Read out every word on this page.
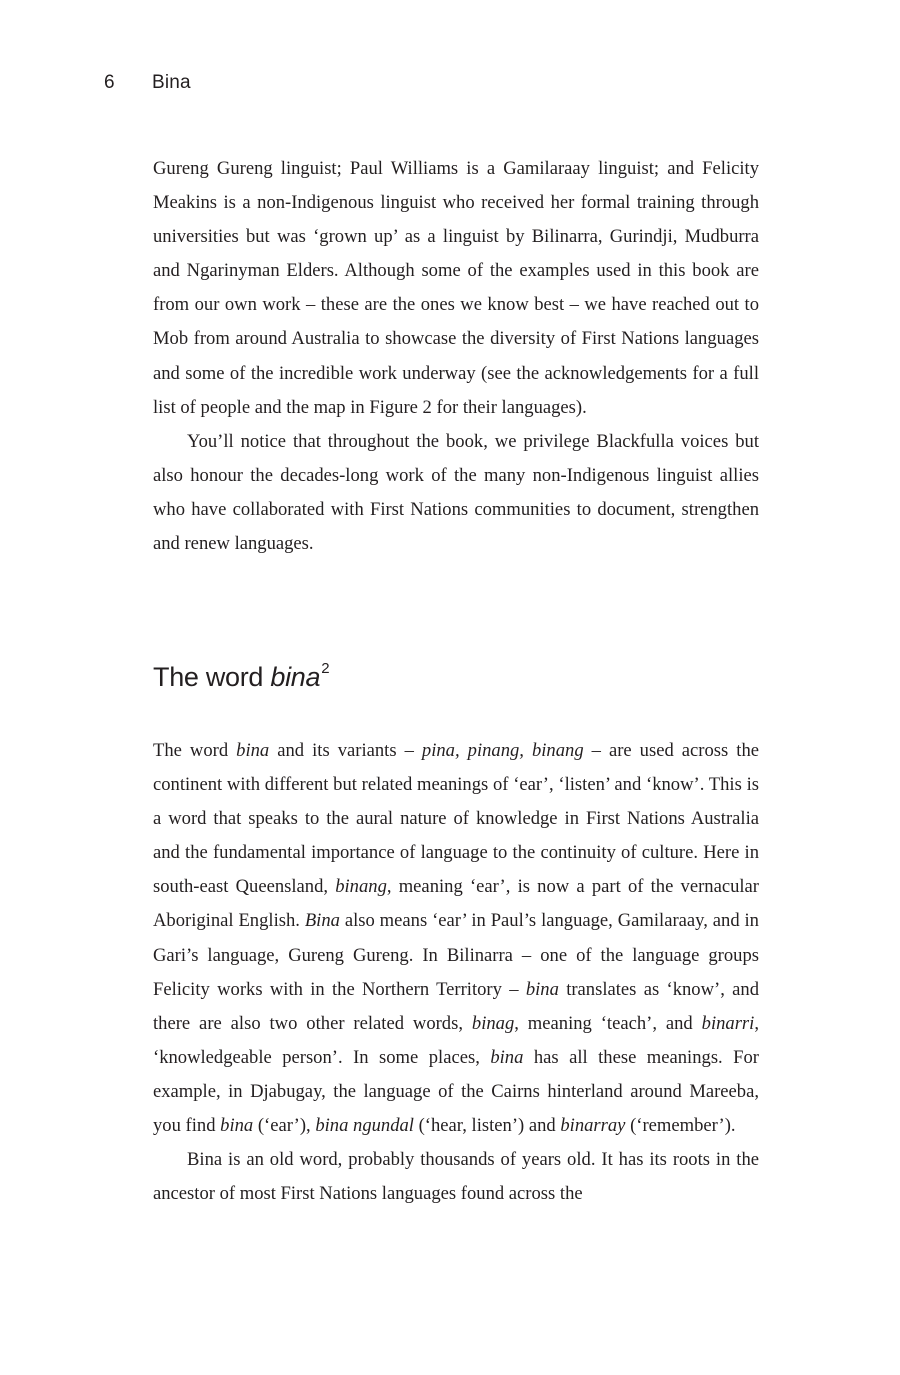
6 Bina

Gureng Gureng linguist; Paul Williams is a Gamilaraay linguist; and Felicity Meakins is a non-Indigenous linguist who received her formal training through universities but was ‘grown up’ as a linguist by Bilinarra, Gurindji, Mudburra and Ngarinyman Elders. Although some of the examples used in this book are from our own work – these are the ones we know best – we have reached out to Mob from around Australia to showcase the diversity of First Nations languages and some of the incredible work underway (see the acknowledgements for a full list of people and the map in Figure 2 for their languages).

You’ll notice that throughout the book, we privilege Blackfulla voices but also honour the decades-long work of the many non-Indigenous linguist allies who have collaborated with First Nations communities to document, strengthen and renew languages.

The word bina$^2$

The word bina and its variants – pina, pinang, binang – are used across the continent with different but related meanings of ‘ear’, ‘listen’ and ‘know’. This is a word that speaks to the aural nature of knowledge in First Nations Australia and the fundamental importance of language to the continuity of culture. Here in south-east Queensland, binang, meaning ‘ear’, is now a part of the vernacular Aboriginal English. Bina also means ‘ear’ in Paul’s language, Gamilaraay, and in Gari’s language, Gureng Gureng. In Bilinarra – one of the language groups Felicity works with in the Northern Territory – bina translates as ‘know’, and there are also two other related words, binag, meaning ‘teach’, and binarri, ‘knowledgeable person’. In some places, bina has all these meanings. For example, in Djabugay, the language of the Cairns hinterland around Mareeba, you find bina (‘ear’), bina ngundal (‘hear, listen’) and binarray (‘remember’).

Bina is an old word, probably thousands of years old. It has its roots in the ancestor of most First Nations languages found across the
